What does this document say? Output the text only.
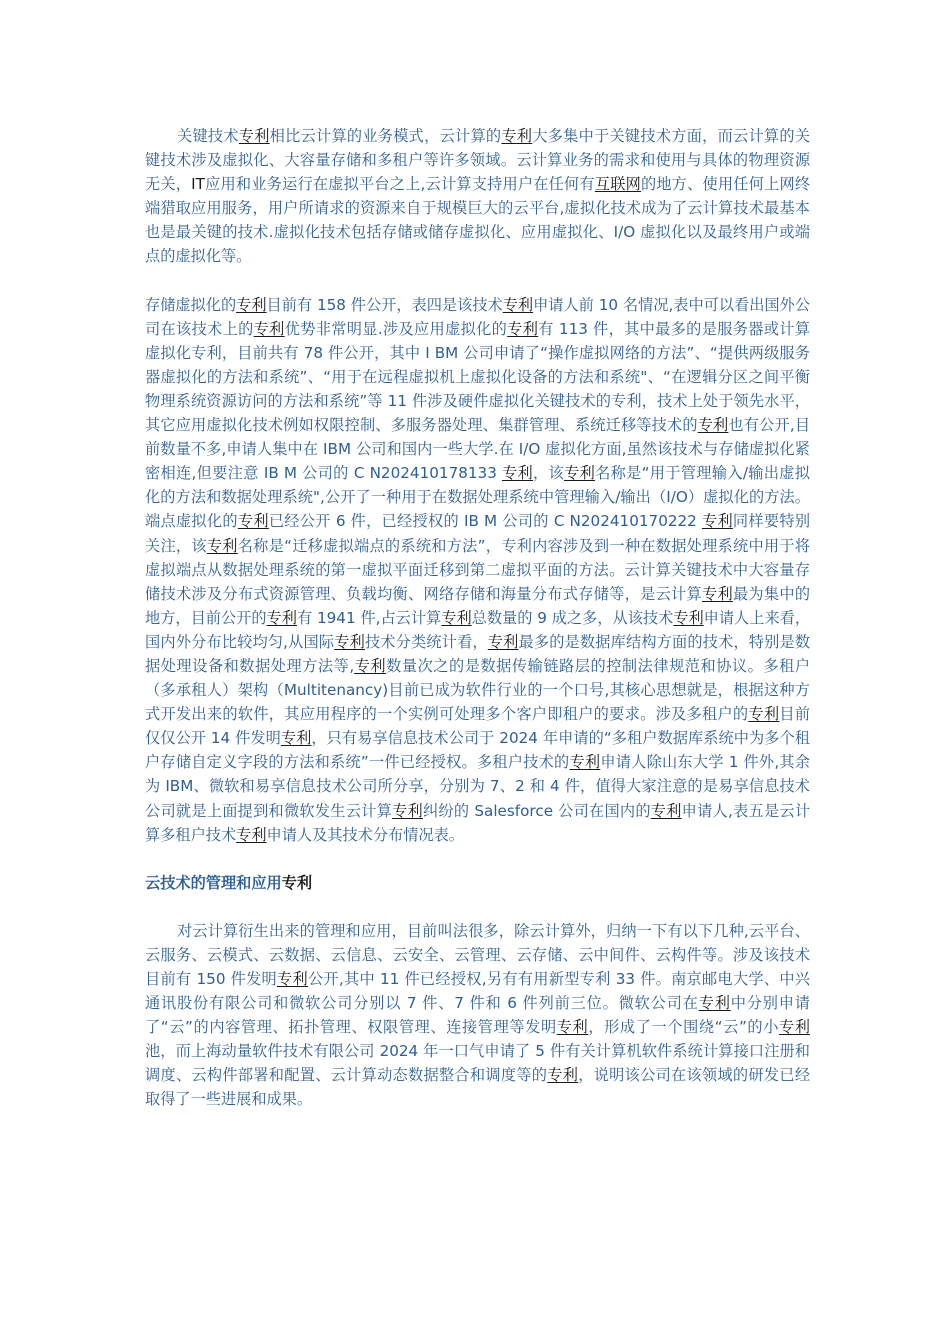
关键技术专利相比云计算的业务模式，云计算的专利大多集中于关键技术方面，而云计算的关键技术涉及虚拟化、大容量存储和多租户等许多领域。云计算业务的需求和使用与具体的物理资源无关，IT应用和业务运行在虚拟平台之上,云计算支持用户在任何有互联网的地方、使用任何上网终端猎取应用服务，用户所请求的资源来自于规模巨大的云平台,虚拟化技术成为了云计算技术最基本也是最关键的技术.虚拟化技术包括存储或储存虚拟化、应用虚拟化、I/O 虚拟化以及最终用户或端点的虚拟化等。

存储虚拟化的专利目前有 158 件公开，表四是该技术专利申请人前 10 名情况,表中可以看出国外公司在该技术上的专利优势非常明显.涉及应用虚拟化的专利有 113 件，其中最多的是服务器或计算虚拟化专利，目前共有 78 件公开，其中 I BM 公司申请了“操作虚拟网络的方法”、“提供两级服务器虚拟化的方法和系统”、“用于在远程虚拟机上虚拟化设备的方法和系统"、“在逻辑分区之间平衡物理系统资源访问的方法和系统”等 11 件涉及硬件虚拟化关键技术的专利，技术上处于领先水平，其它应用虚拟化技术例如权限控制、多服务器处理、集群管理、系统迁移等技术的专利也有公开,目前数量不多,申请人集中在 IBM 公司和国内一些大学.在 I/O 虚拟化方面,虽然该技术与存储虚拟化紧密相连,但要注意 IB M 公司的 C N202410178133 专利，该专利名称是“用于管理输入/输出虚拟化的方法和数据处理系统",公开了一种用于在数据处理系统中管理输入/输出（I/O）虚拟化的方法。端点虚拟化的专利已经公开 6 件，已经授权的 IB M 公司的 C N202410170222 专利同样要特别关注，该专利名称是“迁移虚拟端点的系统和方法”，专利内容涉及到一种在数据处理系统中用于将虚拟端点从数据处理系统的第一虚拟平面迁移到第二虚拟平面的方法。云计算关键技术中大容量存储技术涉及分布式资源管理、负载均衡、网络存储和海量分布式存储等，是云计算专利最为集中的地方，目前公开的专利有 1941 件,占云计算专利总数量的 9 成之多，从该技术专利申请人上来看，国内外分布比较均匀,从国际专利技术分类统计看，专利最多的是数据库结构方面的技术，特别是数据处理设备和数据处理方法等,专利数量次之的是数据传输链路层的控制法律规范和协议。多租户（多承租人）架构（Multitenancy)目前已成为软件行业的一个口号,其核心思想就是，根据这种方式开发出来的软件，其应用程序的一个实例可处理多个客户即租户的要求。涉及多租户的专利目前仅仅公开 14 件发明专利，只有易享信息技术公司于 2024 年申请的“多租户数据库系统中为多个租户存储自定义字段的方法和系统”一件已经授权。多租户技术的专利申请人除山东大学 1 件外,其余为 IBM、微软和易享信息技术公司所分享，分别为 7、2 和 4 件，值得大家注意的是易享信息技术公司就是上面提到和微软发生云计算专利纠纷的 Salesforce 公司在国内的专利申请人,表五是云计算多租户技术专利申请人及其技术分布情况表。

云技术的管理和应用专利

对云计算衍生出来的管理和应用，目前叫法很多，除云计算外，归纳一下有以下几种,云平台、云服务、云模式、云数据、云信息、云安全、云管理、云存储、云中间件、云构件等。涉及该技术目前有 150 件发明专利公开,其中 11 件已经授权,另有有用新型专利 33 件。南京邮电大学、中兴通讯股份有限公司和微软公司分别以 7 件、7 件和 6 件列前三位。微软公司在专利中分别申请了“云”的内容管理、拓扑管理、权限管理、连接管理等发明专利，形成了一个围绕“云”的小专利池，而上海动量软件技术有限公司 2024 年一口气申请了 5 件有关计算机软件系统计算接口注册和调度、云构件部署和配置、云计算动态数据整合和调度等的专利，说明该公司在该领域的研发已经取得了一些进展和成果。
